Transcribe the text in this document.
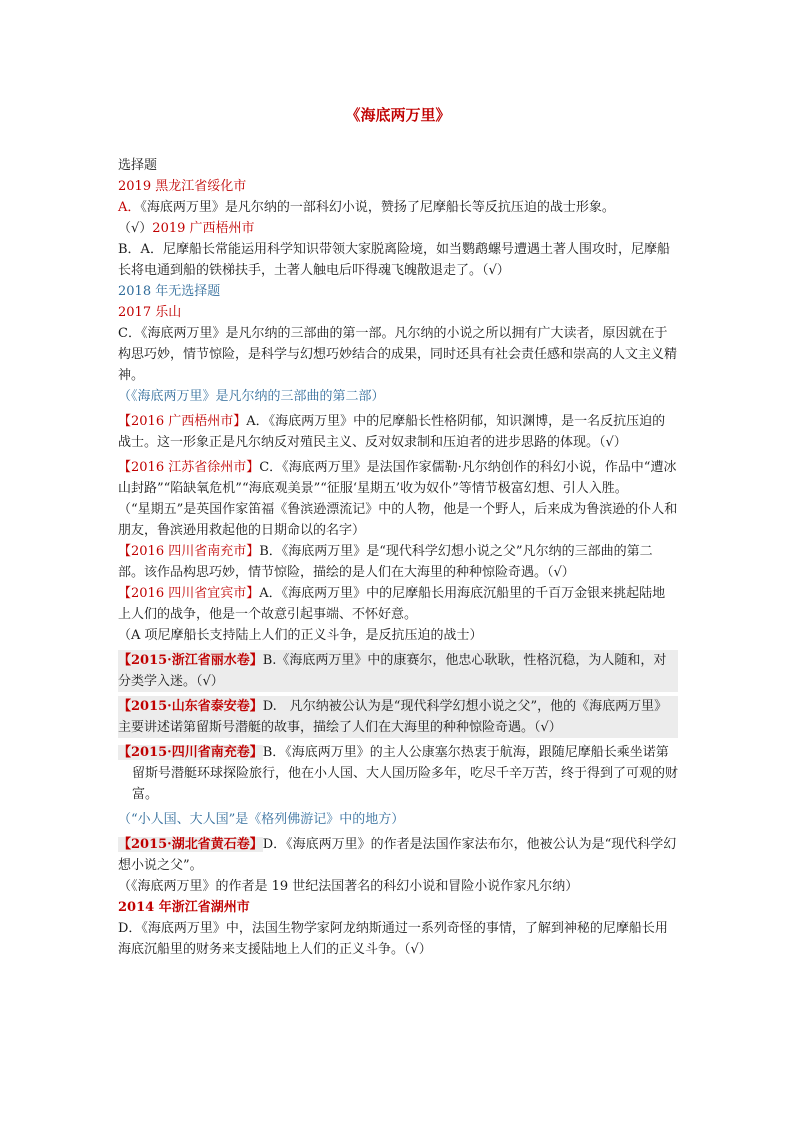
《海底两万里》

选择题

2019 黑龙江省绥化市

A．《海底两万里》是凡尔纳的一部科幻小说，赞扬了尼摩船长等反抗压迫的战士形象。

（√）2019 广西梧州市

B．A．尼摩船长常能运用科学知识带领大家脱离险境，如当鹦鹉螺号遭遇土著人围攻时，尼摩船长将电通到船的铁梯扶手，土著人触电后吓得魂飞魄散退走了。（√）

2018 年无选择题

2017 乐山

C．《海底两万里》是凡尔纳的三部曲的第一部。凡尔纳的小说之所以拥有广大读者，原因就在于构思巧妙，情节惊险，是科学与幻想巧妙结合的成果，同时还具有社会责任感和崇高的人文主义精神。

（《海底两万里》是凡尔纳的三部曲的第二部）

【2016 广西梧州市】A．《海底两万里》中的尼摩船长性格阴郁，知识渊博，是一名反抗压迫的战士。这一形象正是凡尔纳反对殖民主义、反对奴隶制和压迫者的进步思路的体现。（√）

【2016 江苏省徐州市】C．《海底两万里》是法国作家儒勒·凡尔纳创作的科幻小说，作品中“遭冰山封路”“陷缺氧危机”“海底观美景”“征服‘星期五’收为奴仆”等情节极富幻想、引人入胜。

（“星期五”是英国作家笛福《鲁滨逊漂流记》中的人物，他是一个野人，后来成为鲁滨逊的仆人和朋友，鲁滨逊用救起他的日期命以的名字）

【2016 四川省南充市】B．《海底两万里》是“现代科学幻想小说之父”凡尔纳的三部曲的第二部。该作品构思巧妙，情节惊险，描绘的是人们在大海里的种种惊险奇遇。（√）

【2016 四川省宜宾市】A．《海底两万里》中的尼摩船长用海底沉船里的千百万金银来挑起陆地上人们的战争，他是一个故意引起事端、不怀好意。

（A 项尼摩船长支持陆上人们的正义斗争，是反抗压迫的战士）

【2015·浙江省丽水卷】B.《海底两万里》中的康赛尔，他忠心耿耿，性格沉稳，为人随和，对分类学入迷。（√）

【2015·山东省泰安卷】D.　凡尔纳被公认为是“现代科学幻想小说之父”，他的《海底两万里》主要讲述诺第留斯号潜艇的故事，描绘了人们在大海里的种种惊险奇遇。（√）

【2015·四川省南充卷】B．《海底两万里》的主人公康塞尔热衷于航海，跟随尼摩船长乘坐诺第留斯号潜艇环球探险旅行，他在小人国、大人国历险多年，吃尽千辛万苦，终于得到了可观的财富。

（“小人国、大人国”是《格列佛游记》中的地方）

【2015·湖北省黄石卷】D．《海底两万里》的作者是法国作家法布尔，他被公认为是“现代科学幻想小说之父”。

（《海底两万里》的作者是 19 世纪法国著名的科幻小说和冒险小说作家凡尔纳）

2014 年浙江省湖州市

D．《海底两万里》中，法国生物学家阿龙纳斯通过一系列奇怪的事情，了解到神秘的尼摩船长用海底沉船里的财务来支援陆地上人们的正义斗争。（√）
